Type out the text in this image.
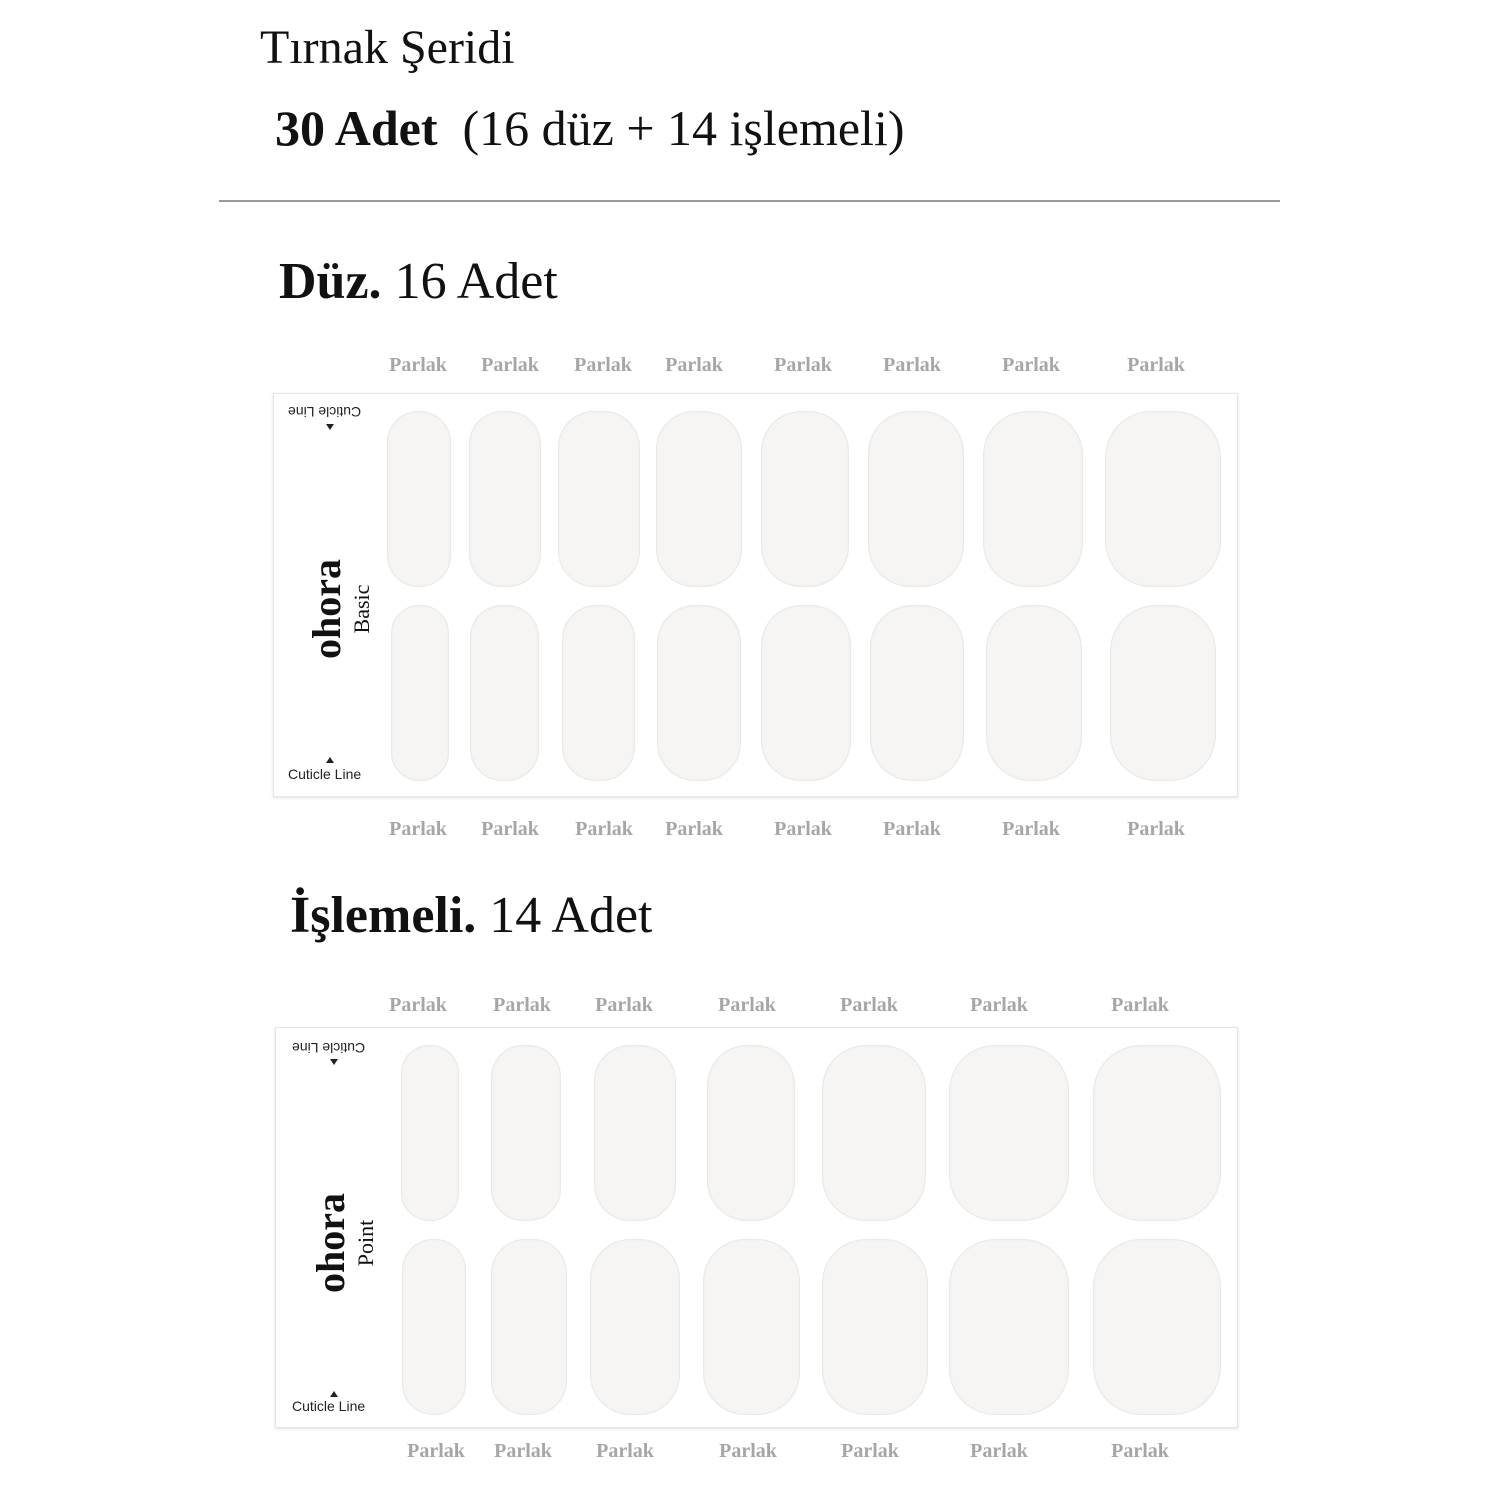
Tırnak Şeridi
30 Adet  (16 düz + 14 işlemeli)
Düz. 16 Adet
Parlak Parlak Parlak Parlak	Parlak	Parlak	Parlak	Parlak
Cuticle Line
ohora Basic
Cuticle Line
Parlak Parlak Parlak Parlak	Parlak	Parlak	Parlak	Parlak
İşlemeli. 14 Adet
Parlak Parlak Parlak	Parlak	Parlak	Parlak	Parlak
Cuticle Line
ohora Point
Cuticle Line
Parlak Parlak Parlak	Parlak	Parlak	Parlak	Parlak
